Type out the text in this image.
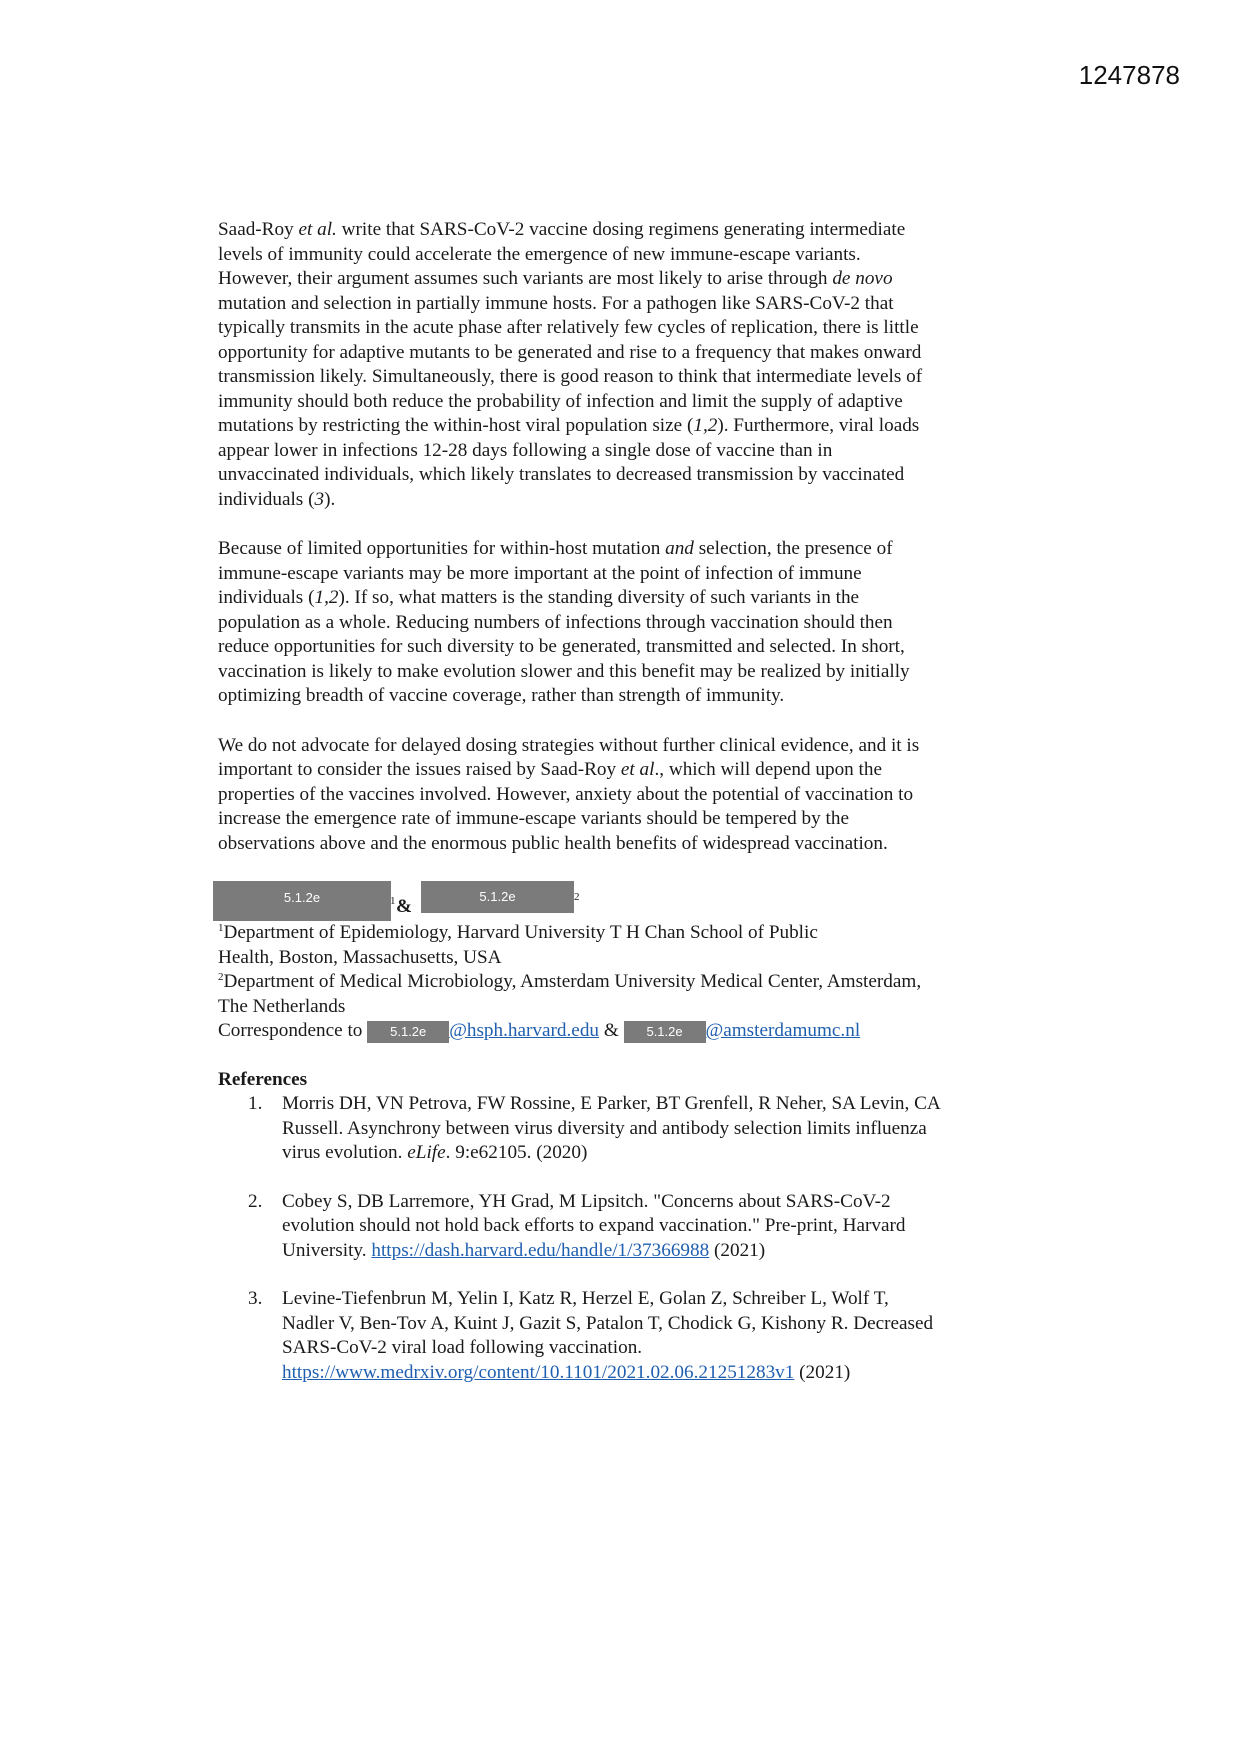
1247878
Saad-Roy et al. write that SARS-CoV-2 vaccine dosing regimens generating intermediate
levels of immunity could accelerate the emergence of new immune-escape variants.
However, their argument assumes such variants are most likely to arise through de novo
mutation and selection in partially immune hosts. For a pathogen like SARS-CoV-2 that
typically transmits in the acute phase after relatively few cycles of replication, there is little
opportunity for adaptive mutants to be generated and rise to a frequency that makes onward
transmission likely. Simultaneously, there is good reason to think that intermediate levels of
immunity should both reduce the probability of infection and limit the supply of adaptive
mutations by restricting the within-host viral population size (1,2). Furthermore, viral loads
appear lower in infections 12-28 days following a single dose of vaccine than in
unvaccinated individuals, which likely translates to decreased transmission by vaccinated
individuals (3).
Because of limited opportunities for within-host mutation and selection, the presence of
immune-escape variants may be more important at the point of infection of immune
individuals (1,2). If so, what matters is the standing diversity of such variants in the
population as a whole. Reducing numbers of infections through vaccination should then
reduce opportunities for such diversity to be generated, transmitted and selected. In short,
vaccination is likely to make evolution slower and this benefit may be realized by initially
optimizing breadth of vaccine coverage, rather than strength of immunity.
We do not advocate for delayed dosing strategies without further clinical evidence, and it is
important to consider the issues raised by Saad-Roy et al., which will depend upon the
properties of the vaccines involved. However, anxiety about the potential of vaccination to
increase the emergence rate of immune-escape variants should be tempered by the
observations above and the enormous public health benefits of widespread vaccination.
5.1.2e	1 &	5.1.2e	2
$^1$Department of Epidemiology, Harvard University T H Chan School of Public
Health, Boston, Massachusetts, USA
$^2$Department of Medical Microbiology, Amsterdam University Medical Center, Amsterdam,
The Netherlands
Correspondence to 5.1.2e @hsph.harvard.edu & 5.1.2e @amsterdamumc.nl
References
1. Morris DH, VN Petrova, FW Rossine, E Parker, BT Grenfell, R Neher, SA Levin, CA
Russell. Asynchrony between virus diversity and antibody selection limits influenza
virus evolution. eLife. 9:e62105. (2020)
2. Cobey S, DB Larremore, YH Grad, M Lipsitch. "Concerns about SARS-CoV-2
evolution should not hold back efforts to expand vaccination." Pre-print, Harvard
University. https://dash.harvard.edu/handle/1/37366988 (2021)
3. Levine-Tiefenbrun M, Yelin I, Katz R, Herzel E, Golan Z, Schreiber L, Wolf T,
Nadler V, Ben-Tov A, Kuint J, Gazit S, Patalon T, Chodick G, Kishony R. Decreased
SARS-CoV-2 viral load following vaccination.
https://www.medrxiv.org/content/10.1101/2021.02.06.21251283v1 (2021)
